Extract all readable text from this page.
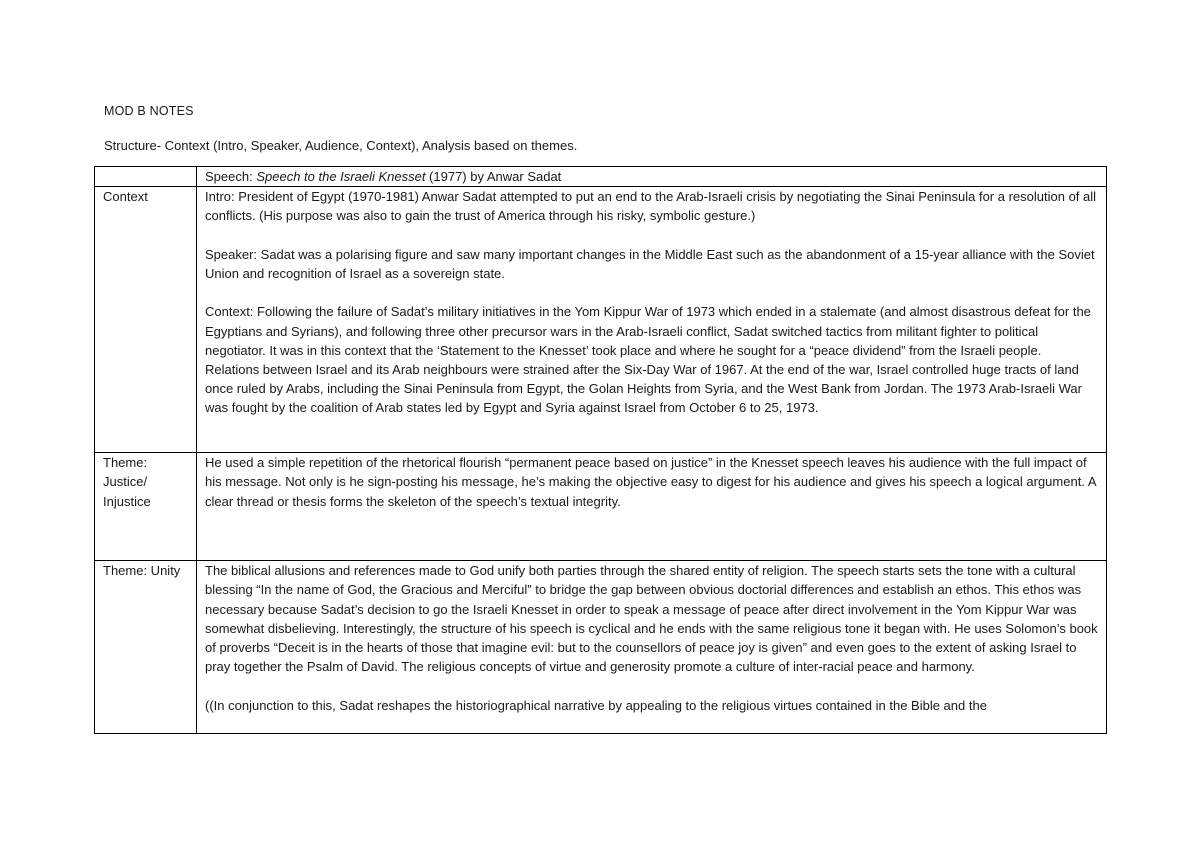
MOD B NOTES
Structure- Context (Intro, Speaker, Audience, Context), Analysis based on themes.
	Speech: Speech to the Israeli Knesset (1977) by Anwar Sadat
Context	Intro: President of Egypt (1970-1981) Anwar Sadat attempted to put an end to the Arab-Israeli crisis by negotiating the Sinai Peninsula for a resolution of all conflicts. (His purpose was also to gain the trust of America through his risky, symbolic gesture.)

Speaker: Sadat was a polarising figure and saw many important changes in the Middle East such as the abandonment of a 15-year alliance with the Soviet Union and recognition of Israel as a sovereign state.

Context: Following the failure of Sadat’s military initiatives in the Yom Kippur War of 1973 which ended in a stalemate (and almost disastrous defeat for the Egyptians and Syrians), and following three other precursor wars in the Arab-Israeli conflict, Sadat switched tactics from militant fighter to political negotiator. It was in this context that the ‘Statement to the Knesset’ took place and where he sought for a “peace dividend” from the Israeli people.

Relations between Israel and its Arab neighbours were strained after the Six-Day War of 1967. At the end of the war, Israel controlled huge tracts of land once ruled by Arabs, including the Sinai Peninsula from Egypt, the Golan Heights from Syria, and the West Bank from Jordan. The 1973 Arab-Israeli War was fought by the coalition of Arab states led by Egypt and Syria against Israel from October 6 to 25, 1973.

Theme: Justice/ Injustice	He used a simple repetition of the rhetorical flourish “permanent peace based on justice” in the Knesset speech leaves his audience with the full impact of his message. Not only is he sign-posting his message, he’s making the objective easy to digest for his audience and gives his speech a logical argument. A clear thread or thesis forms the skeleton of the speech’s textual integrity.

Theme: Unity	The biblical allusions and references made to God unify both parties through the shared entity of religion. The speech starts sets the tone with a cultural blessing “In the name of God, the Gracious and Merciful” to bridge the gap between obvious doctorial differences and establish an ethos. This ethos was necessary because Sadat’s decision to go the Israeli Knesset in order to speak a message of peace after direct involvement in the Yom Kippur War was somewhat disbelieving. Interestingly, the structure of his speech is cyclical and he ends with the same religious tone it began with. He uses Solomon’s book of proverbs “Deceit is in the hearts of those that imagine evil: but to the counsellors of peace joy is given” and even goes to the extent of asking Israel to pray together the Psalm of David. The religious concepts of virtue and generosity promote a culture of inter-racial peace and harmony.

((In conjunction to this, Sadat reshapes the historiographical narrative by appealing to the religious virtues contained in the Bible and the
